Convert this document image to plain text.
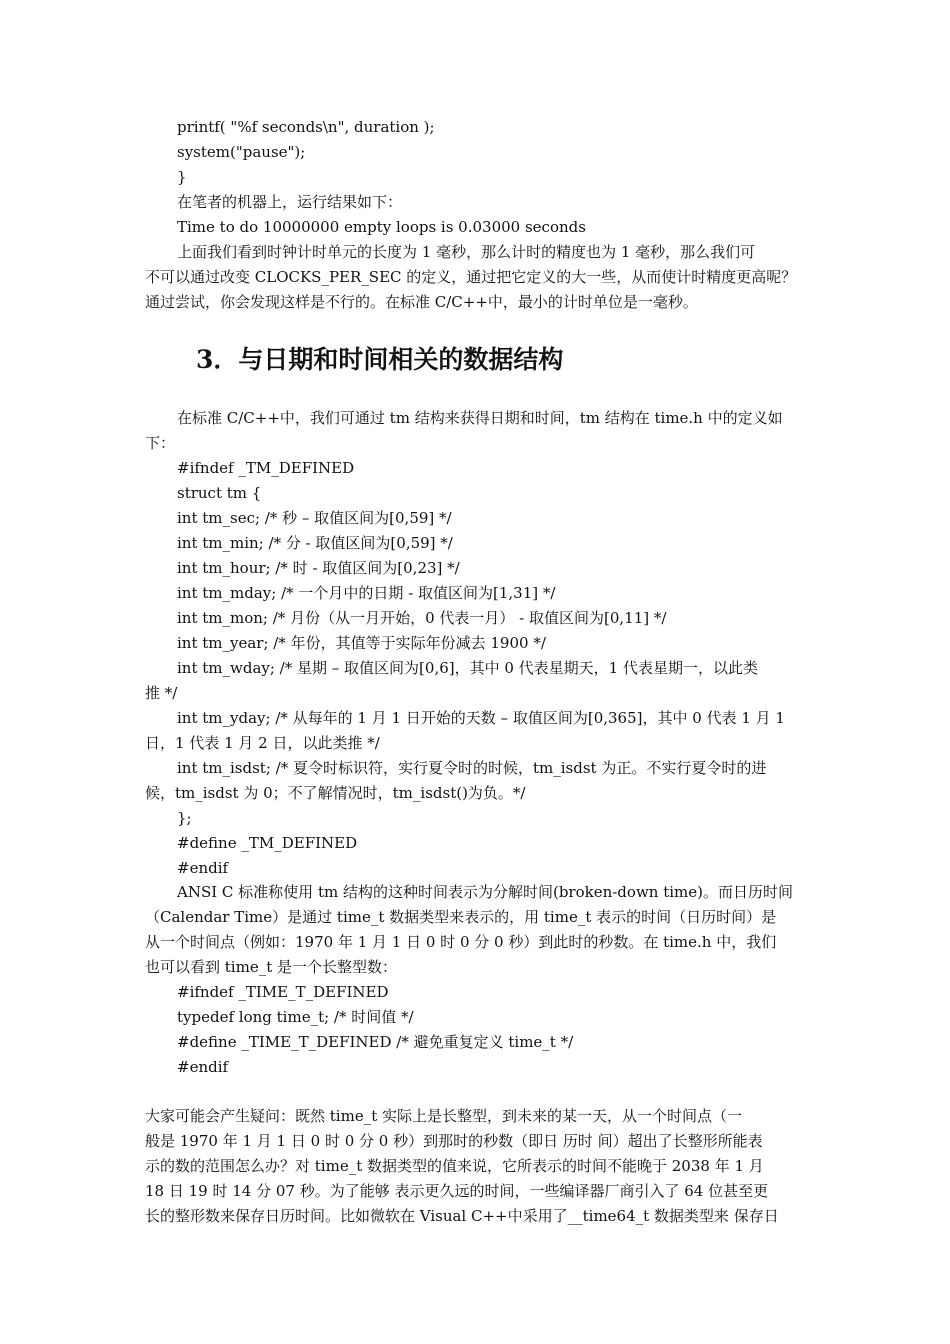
printf( "%f seconds\n", duration );
system("pause");
}
在笔者的机器上，运行结果如下：
Time to do 10000000 empty loops is 0.03000 seconds
上面我们看到时钟计时单元的长度为 1 毫秒，那么计时的精度也为 1 毫秒，那么我们可
不可以通过改变 CLOCKS_PER_SEC 的定义，通过把它定义的大一些，从而使计时精度更高呢？
通过尝试，你会发现这样是不行的。在标准 C/C++中，最小的计时单位是一毫秒。
3．与日期和时间相关的数据结构
在标准 C/C++中，我们可通过 tm 结构来获得日期和时间，tm 结构在 time.h 中的定义如
下：
#ifndef _TM_DEFINED
struct tm {
int tm_sec; /* 秒 – 取值区间为[0,59] */
int tm_min; /* 分 - 取值区间为[0,59] */
int tm_hour; /* 时 - 取值区间为[0,23] */
int tm_mday; /* 一个月中的日期 - 取值区间为[1,31] */
int tm_mon; /* 月份（从一月开始，0 代表一月） - 取值区间为[0,11] */
int tm_year; /* 年份，其值等于实际年份减去 1900 */
int tm_wday; /* 星期 – 取值区间为[0,6]，其中 0 代表星期天，1 代表星期一，以此类
推 */
int tm_yday; /* 从每年的 1 月 1 日开始的天数 – 取值区间为[0,365]，其中 0 代表 1 月 1
日，1 代表 1 月 2 日，以此类推 */
int tm_isdst; /* 夏令时标识符，实行夏令时的时候，tm_isdst 为正。不实行夏令时的进
候，tm_isdst 为 0；不了解情况时，tm_isdst()为负。*/
};
#define _TM_DEFINED
#endif
ANSI C 标准称使用 tm 结构的这种时间表示为分解时间(broken-down time)。而日历时间
（Calendar Time）是通过 time_t 数据类型来表示的，用 time_t 表示的时间（日历时间）是
从一个时间点（例如：1970 年 1 月 1 日 0 时 0 分 0 秒）到此时的秒数。在 time.h 中，我们
也可以看到 time_t 是一个长整型数：
#ifndef _TIME_T_DEFINED
typedef long time_t; /* 时间值 */
#define _TIME_T_DEFINED /* 避免重复定义 time_t */
#endif
大家可能会产生疑问：既然 time_t 实际上是长整型，到未来的某一天，从一个时间点（一
般是 1970 年 1 月 1 日 0 时 0 分 0 秒）到那时的秒数（即日 历时 间）超出了长整形所能表
示的数的范围怎么办？对 time_t 数据类型的值来说，它所表示的时间不能晚于 2038 年 1 月
18 日 19 时 14 分 07 秒。为了能够 表示更久远的时间，一些编译器厂商引入了 64 位甚至更
长的整形数来保存日历时间。比如微软在 Visual C++中采用了__time64_t 数据类型来 保存日
